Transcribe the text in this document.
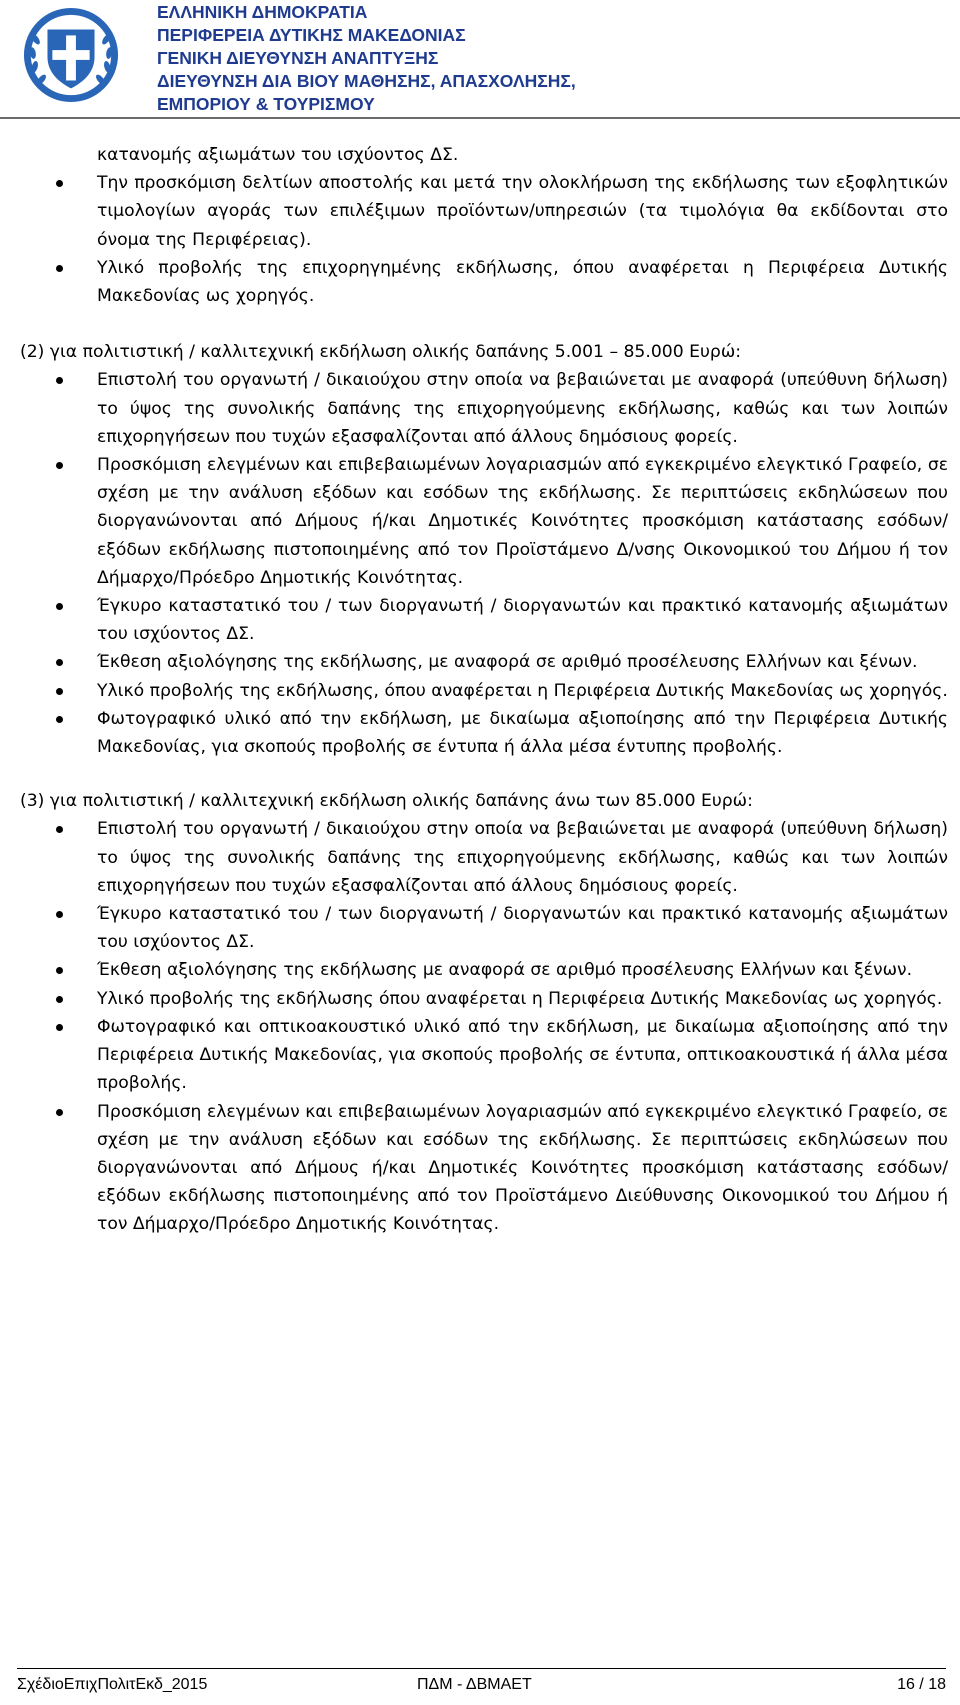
ΕΛΛΗΝΙΚΗ ΔΗΜΟΚΡΑΤΙΑ
ΠΕΡΙΦΕΡΕΙΑ ΔΥΤΙΚΗΣ ΜΑΚΕΔΟΝΙΑΣ
ΓΕΝΙΚΗ ΔΙΕΥΘΥΝΣΗ ΑΝΑΠΤΥΞΗΣ
ΔΙΕΥΘΥΝΣΗ ΔΙΑ ΒΙΟΥ ΜΑΘΗΣΗΣ, ΑΠΑΣΧΟΛΗΣΗΣ,
ΕΜΠΟΡΙΟΥ & ΤΟΥΡΙΣΜΟΥ
κατανομής αξιωμάτων του ισχύοντος ΔΣ.
Την προσκόμιση δελτίων αποστολής και μετά την ολοκλήρωση της εκδήλωσης των εξοφλητικών τιμολογίων αγοράς των επιλέξιμων προϊόντων/υπηρεσιών (τα τιμολόγια θα εκδίδονται στο όνομα της Περιφέρειας).
Υλικό προβολής της επιχορηγημένης εκδήλωσης, όπου αναφέρεται η Περιφέρεια Δυτικής Μακεδονίας ως χορηγός.
(2) για πολιτιστική / καλλιτεχνική εκδήλωση ολικής δαπάνης 5.001 – 85.000 Ευρώ:
Επιστολή του οργανωτή / δικαιούχου στην οποία να βεβαιώνεται με αναφορά (υπεύθυνη δήλωση) το ύψος της συνολικής δαπάνης της επιχορηγούμενης εκδήλωσης, καθώς και των λοιπών επιχορηγήσεων που τυχών εξασφαλίζονται από άλλους δημόσιους φορείς.
Προσκόμιση ελεγμένων και επιβεβαιωμένων λογαριασμών από εγκεκριμένο ελεγκτικό Γραφείο, σε σχέση με την ανάλυση εξόδων και εσόδων της εκδήλωσης. Σε περιπτώσεις εκδηλώσεων που διοργανώνονται από Δήμους ή/και Δημοτικές Κοινότητες προσκόμιση κατάστασης εσόδων/εξόδων εκδήλωσης πιστοποιημένης από τον Προϊστάμενο Δ/νσης Οικονομικού του Δήμου ή τον Δήμαρχο/Πρόεδρο Δημοτικής Κοινότητας.
Έγκυρο καταστατικό του / των διοργανωτή / διοργανωτών και πρακτικό κατανομής αξιωμάτων του ισχύοντος ΔΣ.
Έκθεση αξιολόγησης της εκδήλωσης, με αναφορά σε αριθμό προσέλευσης Ελλήνων και ξένων.
Υλικό προβολής της εκδήλωσης, όπου αναφέρεται η Περιφέρεια Δυτικής Μακεδονίας ως χορηγός.
Φωτογραφικό υλικό από την εκδήλωση, με δικαίωμα αξιοποίησης από την Περιφέρεια Δυτικής Μακεδονίας, για σκοπούς προβολής σε έντυπα ή άλλα μέσα έντυπης προβολής.
(3) για πολιτιστική / καλλιτεχνική εκδήλωση ολικής δαπάνης άνω των 85.000 Ευρώ:
Επιστολή του οργανωτή / δικαιούχου στην οποία να βεβαιώνεται με αναφορά (υπεύθυνη δήλωση) το ύψος της συνολικής δαπάνης της επιχορηγούμενης εκδήλωσης, καθώς και των λοιπών επιχορηγήσεων που τυχών εξασφαλίζονται από άλλους δημόσιους φορείς.
Έγκυρο καταστατικό του / των διοργανωτή / διοργανωτών και πρακτικό κατανομής αξιωμάτων του ισχύοντος ΔΣ.
Έκθεση αξιολόγησης της εκδήλωσης με αναφορά σε αριθμό προσέλευσης Ελλήνων και ξένων.
Υλικό προβολής της εκδήλωσης όπου αναφέρεται η Περιφέρεια Δυτικής Μακεδονίας ως χορηγός.
Φωτογραφικό και οπτικοακουστικό υλικό από την εκδήλωση, με δικαίωμα αξιοποίησης από την Περιφέρεια Δυτικής Μακεδονίας, για σκοπούς προβολής σε έντυπα, οπτικοακουστικά ή άλλα μέσα προβολής.
Προσκόμιση ελεγμένων και επιβεβαιωμένων λογαριασμών από εγκεκριμένο ελεγκτικό Γραφείο, σε σχέση με την ανάλυση εξόδων και εσόδων της εκδήλωσης. Σε περιπτώσεις εκδηλώσεων που διοργανώνονται από Δήμους ή/και Δημοτικές Κοινότητες προσκόμιση κατάστασης εσόδων/εξόδων εκδήλωσης πιστοποιημένης από τον Προϊστάμενο Διεύθυνσης Οικονομικού του Δήμου ή τον Δήμαρχο/Πρόεδρο Δημοτικής Κοινότητας.
ΣχέδιοΕπιχΠολιτΕκδ_2015	ΠΔΜ - ΔΒΜΑΕΤ	16 / 18
